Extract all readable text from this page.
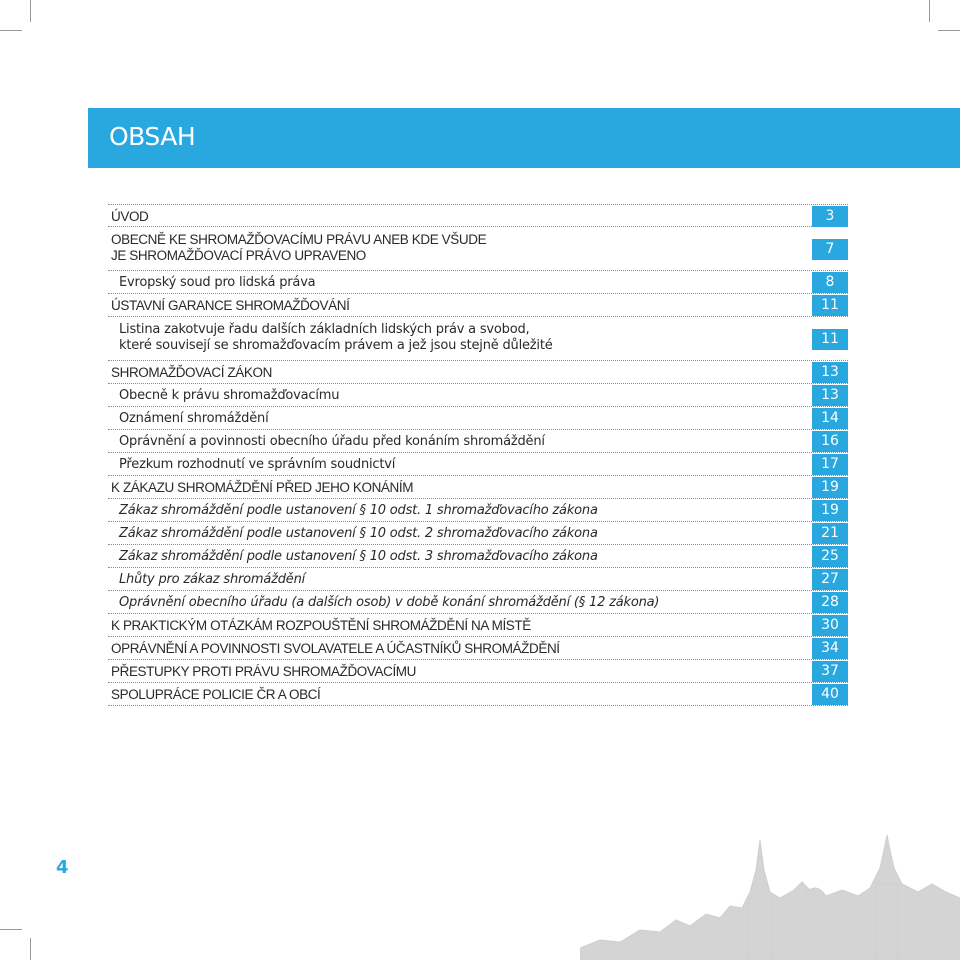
OBSAH
ÚVOD	3
OBECNĚ KE SHROMAŽĎOVACÍMU PRÁVU ANEB KDE VŠUDE
JE SHROMAŽĎOVACÍ PRÁVO UPRAVENO	7
Evropský soud pro lidská práva	8
ÚSTAVNÍ GARANCE SHROMAŽĎOVÁNÍ	11
Listina zakotvuje řadu dalších základních lidských práv a svobod,
které souvisejí se shromažďovacím právem a jež jsou stejně důležité	11
SHROMAŽĎOVACÍ ZÁKON	13
Obecně k právu shromažďovacímu	13
Oznámení shromáždění	14
Oprávnění a povinnosti obecního úřadu před konáním shromáždění	16
Přezkum rozhodnutí ve správním soudnictví	17
K ZÁKAZU SHROMÁŽDĚNÍ PŘED JEHO KONÁNÍM	19
Zákaz shromáždění podle ustanovení § 10 odst. 1 shromažďovacího zákona	19
Zákaz shromáždění podle ustanovení § 10 odst. 2 shromažďovacího zákona	21
Zákaz shromáždění podle ustanovení § 10 odst. 3 shromažďovacího zákona	25
Lhůty pro zákaz shromáždění	27
Oprávnění obecního úřadu (a dalších osob) v době konání shromáždění (§ 12 zákona)	28
K PRAKTICKÝM OTÁZKÁM ROZPOUŠTĚNÍ SHROMÁŽDĚNÍ NA MÍSTĚ	30
OPRÁVNĚNÍ A POVINNOSTI SVOLAVATELE A ÚČASTNÍKŮ SHROMÁŽDĚNÍ	34
PŘESTUPKY PROTI PRÁVU SHROMAŽĎOVACÍMU	37
SPOLUPRÁCE POLICIE ČR A OBCÍ	40
4
